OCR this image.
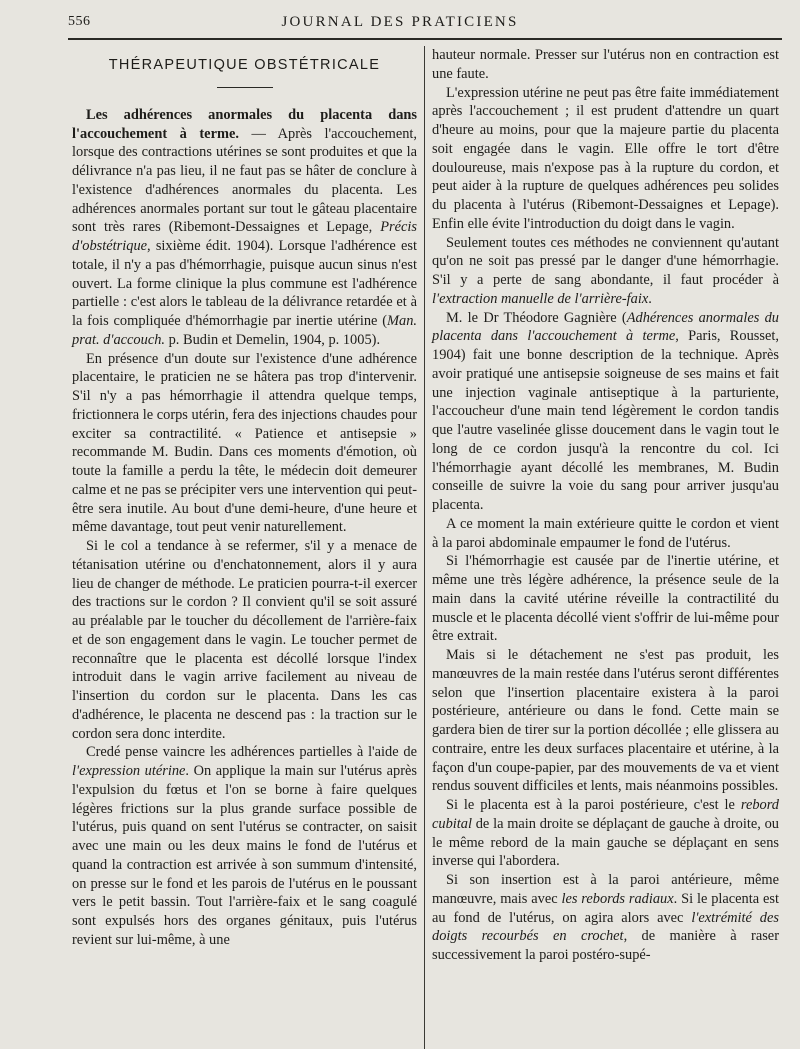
556	JOURNAL DES PRATICIENS
THÉRAPEUTIQUE OBSTÉTRICALE

Les adhérences anormales du placenta dans l'accouchement à terme. — Après l'accouchement, lorsque des contractions utérines se sont produites et que la délivrance n'a pas lieu, il ne faut pas se hâter de conclure à l'existence d'adhérences anormales du placenta. Les adhérences anormales portant sur tout le gâteau placentaire sont très rares (Ribemont-Dessaignes et Lepage, Précis d'obstétrique, sixième édit. 1904). Lorsque l'adhérence est totale, il n'y a pas d'hémorrhagie, puisque aucun sinus n'est ouvert. La forme clinique la plus commune est l'adhérence partielle : c'est alors le tableau de la délivrance retardée et à la fois compliquée d'hémorrhagie par inertie utérine (Man. prat. d'accouch. p. Budin et Demelin, 1904, p. 1005).

En présence d'un doute sur l'existence d'une adhérence placentaire, le praticien ne se hâtera pas trop d'intervenir. S'il n'y a pas hémorrhagie il attendra quelque temps, frictionnera le corps utérin, fera des injections chaudes pour exciter sa contractilité. « Patience et antisepsie » recommande M. Budin. Dans ces moments d'émotion, où toute la famille a perdu la tête, le médecin doit demeurer calme et ne pas se précipiter vers une intervention qui peut-être sera inutile. Au bout d'une demi-heure, d'une heure et même davantage, tout peut venir naturellement.

Si le col a tendance à se refermer, s'il y a menace de tétanisation utérine ou d'enchatonnement, alors il y aura lieu de changer de méthode. Le praticien pourra-t-il exercer des tractions sur le cordon ? Il convient qu'il se soit assuré au préalable par le toucher du décollement de l'arrière-faix et de son engagement dans le vagin. Le toucher permet de reconnaître que le placenta est décollé lorsque l'index introduit dans le vagin arrive facilement au niveau de l'insertion du cordon sur le placenta. Dans les cas d'adhérence, le placenta ne descend pas : la traction sur le cordon sera donc interdite.

Credé pense vaincre les adhérences partielles à l'aide de l'expression utérine. On applique la main sur l'utérus après l'expulsion du fœtus et l'on se borne à faire quelques légères frictions sur la plus grande surface possible de l'utérus, puis quand on sent l'utérus se contracter, on saisit avec une main ou les deux mains le fond de l'utérus et quand la contraction est arrivée à son summum d'intensité, on presse sur le fond et les parois de l'utérus en le poussant vers le petit bassin. Tout l'arrière-faix et le sang coagulé sont expulsés hors des organes génitaux, puis l'utérus revient sur lui-même, à une

hauteur normale. Presser sur l'utérus non en contraction est une faute.

L'expression utérine ne peut pas être faite immédiatement après l'accouchement ; il est prudent d'attendre un quart d'heure au moins, pour que la majeure partie du placenta soit engagée dans le vagin. Elle offre le tort d'être douloureuse, mais n'expose pas à la rupture du cordon, et peut aider à la rupture de quelques adhérences peu solides du placenta à l'utérus (Ribemont-Dessaignes et Lepage). Enfin elle évite l'introduction du doigt dans le vagin.

Seulement toutes ces méthodes ne conviennent qu'autant qu'on ne soit pas pressé par le danger d'une hémorrhagie. S'il y a perte de sang abondante, il faut procéder à l'extraction manuelle de l'arrière-faix.

M. le Dr Théodore Gagnière (Adhérences anormales du placenta dans l'accouchement à terme, Paris, Rousset, 1904) fait une bonne description de la technique. Après avoir pratiqué une antisepsie soigneuse de ses mains et fait une injection vaginale antiseptique à la parturiente, l'accoucheur d'une main tend légèrement le cordon tandis que l'autre vaselinée glisse doucement dans le vagin tout le long de ce cordon jusqu'à la rencontre du col. Ici l'hémorrhagie ayant décollé les membranes, M. Budin conseille de suivre la voie du sang pour arriver jusqu'au placenta.

A ce moment la main extérieure quitte le cordon et vient à la paroi abdominale empaumer le fond de l'utérus.

Si l'hémorrhagie est causée par de l'inertie utérine, et même une très légère adhérence, la présence seule de la main dans la cavité utérine réveille la contractilité du muscle et le placenta décollé vient s'offrir de lui-même pour être extrait.

Mais si le détachement ne s'est pas produit, les manœuvres de la main restée dans l'utérus seront différentes selon que l'insertion placentaire existera à la paroi postérieure, antérieure ou dans le fond. Cette main se gardera bien de tirer sur la portion décollée ; elle glissera au contraire, entre les deux surfaces placentaire et utérine, à la façon d'un coupe-papier, par des mouvements de va et vient rendus souvent difficiles et lents, mais néanmoins possibles.

Si le placenta est à la paroi postérieure, c'est le rebord cubital de la main droite se déplaçant de gauche à droite, ou le même rebord de la main gauche se déplaçant en sens inverse qui l'abordera.

Si son insertion est à la paroi antérieure, même manœuvre, mais avec les rebords radiaux. Si le placenta est au fond de l'utérus, on agira alors avec l'extrémité des doigts recourbés en crochet, de manière à raser successivement la paroi postéro-supé-
